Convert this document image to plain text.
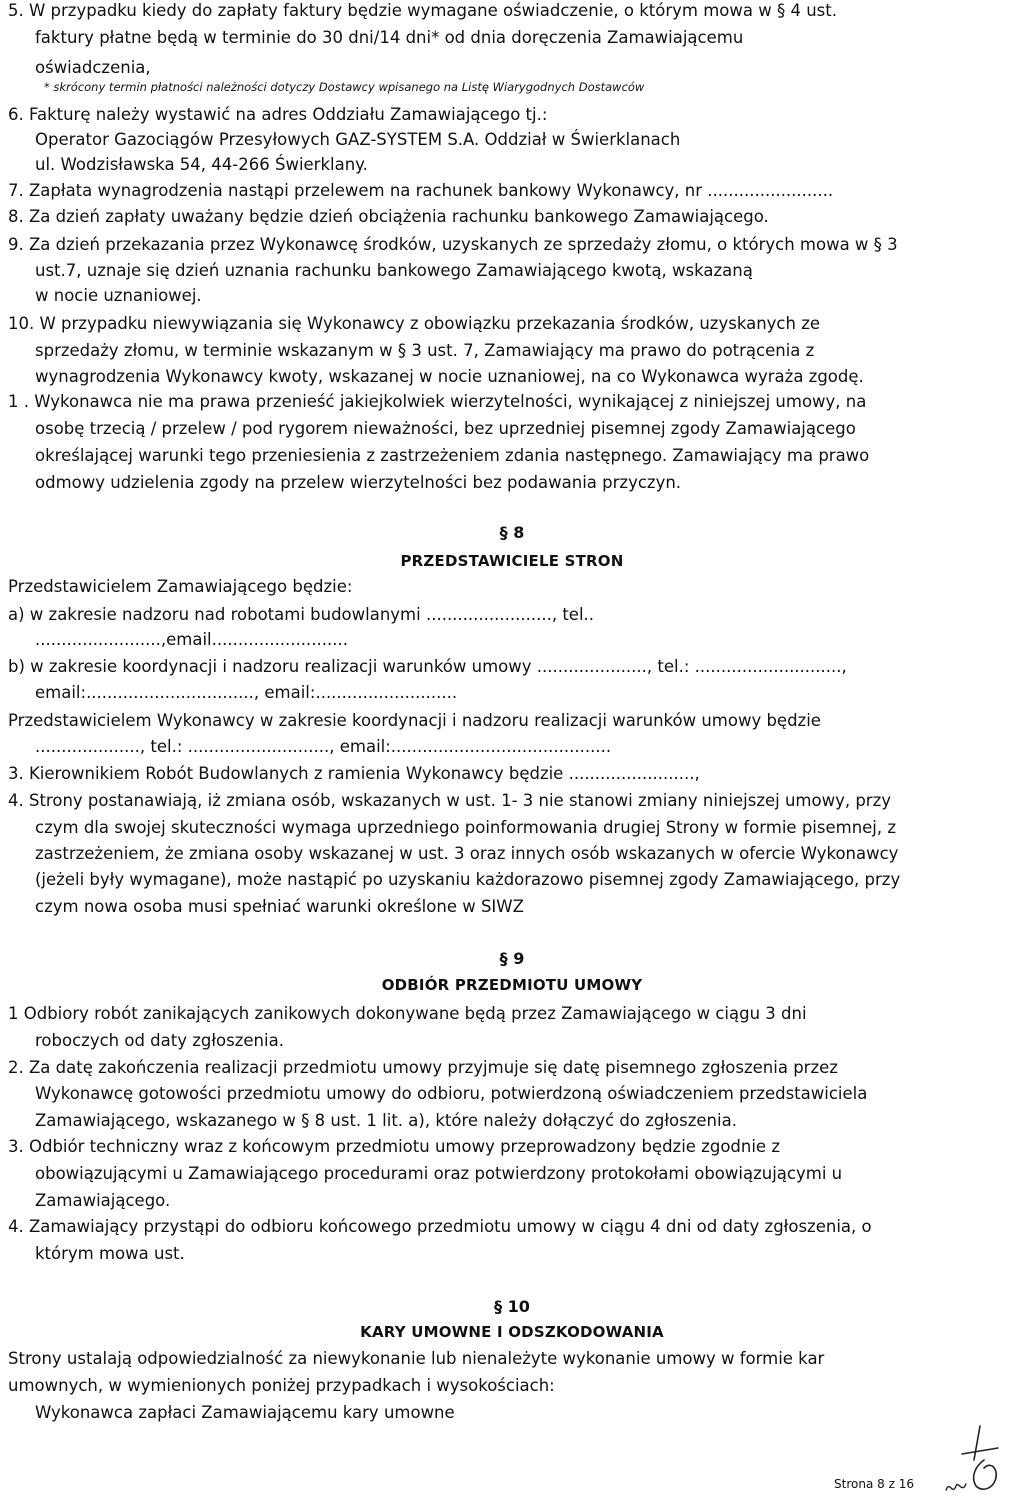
5. W przypadku kiedy do zapłaty faktury będzie wymagane oświadczenie, o którym mowa w § 4 ust.
faktury płatne będą w terminie do 30 dni/14 dni* od dnia doręczenia Zamawiającemu
oświadczenia,
* skrócony termin płatności należności dotyczy Dostawcy wpisanego na Listę Wiarygodnych Dostawców
6. Fakturę należy wystawić na adres Oddziału Zamawiającego tj.:
Operator Gazociągów Przesyłowych GAZ-SYSTEM S.A. Oddział w Świerklanach
ul. Wodzisławska 54, 44-266 Świerklany.
7. Zapłata wynagrodzenia nastąpi przelewem na rachunek bankowy Wykonawcy, nr ........................
8. Za dzień zapłaty uważany będzie dzień obciążenia rachunku bankowego Zamawiającego.
9. Za dzień przekazania przez Wykonawcę środków, uzyskanych ze sprzedaży złomu, o których mowa w § 3
ust.7, uznaje się dzień uznania rachunku bankowego Zamawiającego kwotą, wskazaną
w nocie uznaniowej.
10. W przypadku niewywiązania się Wykonawcy z obowiązku przekazania środków, uzyskanych ze
sprzedaży złomu, w terminie wskazanym w § 3 ust. 7, Zamawiający ma prawo do potrącenia z
wynagrodzenia Wykonawcy kwoty, wskazanej w nocie uznaniowej, na co Wykonawca wyraża zgodę.
1 . Wykonawca nie ma prawa przenieść jakiejkolwiek wierzytelności, wynikającej z niniejszej umowy, na
osobę trzecią / przelew / pod rygorem nieważności, bez uprzedniej pisemnej zgody Zamawiającego
określającej warunki tego przeniesienia z zastrzeżeniem zdania następnego. Zamawiający ma prawo
odmowy udzielenia zgody na przelew wierzytelności bez podawania przyczyn.
§ 8
PRZEDSTAWICIELE STRON
Przedstawicielem Zamawiającego będzie:
a) w zakresie nadzoru nad robotami budowlanymi ........................, tel..
........................,email..........................
b) w zakresie koordynacji i nadzoru realizacji warunków umowy ....................., tel.: ............................,
email:................................, email:...........................
Przedstawicielem Wykonawcy w zakresie koordynacji i nadzoru realizacji warunków umowy będzie
...................., tel.: ..........................., email:..........................................
3. Kierownikiem Robót Budowlanych z ramienia Wykonawcy będzie ........................,
4. Strony postanawiają, iż zmiana osób, wskazanych w ust. 1- 3 nie stanowi zmiany niniejszej umowy, przy
czym dla swojej skuteczności wymaga uprzedniego poinformowania drugiej Strony w formie pisemnej, z
zastrzeżeniem, że zmiana osoby wskazanej w ust. 3 oraz innych osób wskazanych w ofercie Wykonawcy
(jeżeli były wymagane), może nastąpić po uzyskaniu każdorazowo pisemnej zgody Zamawiającego, przy
czym nowa osoba musi spełniać warunki określone w SIWZ
§ 9
ODBIÓR PRZEDMIOTU UMOWY
1 Odbiory robót zanikających zanikowych dokonywane będą przez Zamawiającego w ciągu 3 dni
roboczych od daty zgłoszenia.
2. Za datę zakończenia realizacji przedmiotu umowy przyjmuje się datę pisemnego zgłoszenia przez
Wykonawcę gotowości przedmiotu umowy do odbioru, potwierdzoną oświadczeniem przedstawiciela
Zamawiającego, wskazanego w § 8 ust. 1 lit. a), które należy dołączyć do zgłoszenia.
3. Odbiór techniczny wraz z końcowym przedmiotu umowy przeprowadzony będzie zgodnie z
obowiązującymi u Zamawiającego procedurami oraz potwierdzony protokołami obowiązującymi u
Zamawiającego.
4. Zamawiający przystąpi do odbioru końcowego przedmiotu umowy w ciągu 4 dni od daty zgłoszenia, o
którym mowa ust.
§ 10
KARY UMOWNE I ODSZKODOWANIA
Strony ustalają odpowiedzialność za niewykonanie lub nienależyte wykonanie umowy w formie kar
umownych, w wymienionych poniżej przypadkach i wysokościach:
Wykonawca zapłaci Zamawiającemu kary umowne
Strona 8 z 16
